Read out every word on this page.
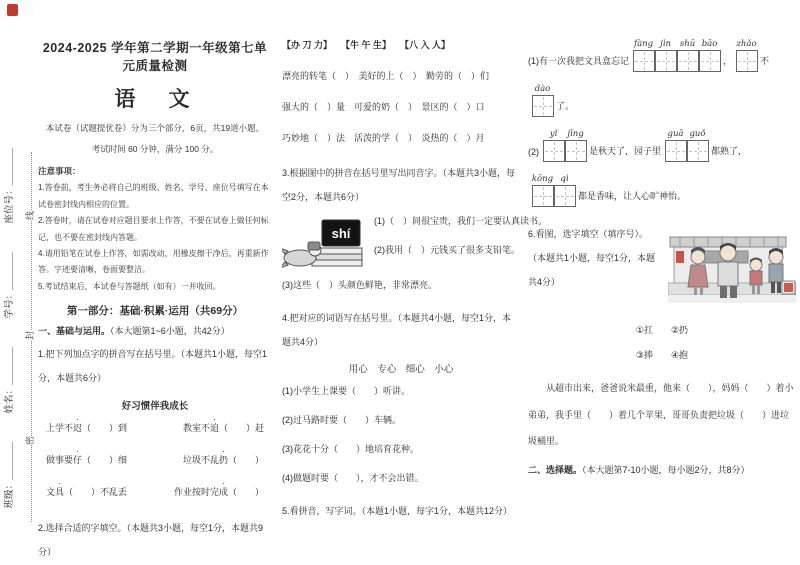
班级：＿＿＿＿　　　姓名：＿＿＿＿　　　学号：＿＿＿＿　　　座位号：＿＿＿＿	线
封
密
2024-2025 学年第二学期一年级第七单元质量检测
语　文
本试卷（试题提优卷）分为三个部分，6页，共19道小题。
考试时间 60 分钟，满分 100 分。
注意事项：
1.答卷前，考生务必将自己的班级、姓名、学号、座位号填写在本试卷密封线内相应的位置。
2.答卷时，请在试卷对应题目要求上作答，不要在试卷上做任何标记，也不要在密封线内答题。
4.请用铅笔在试卷上作答，如需改动，用橡皮擦干净后，再重新作答。字迹要清晰，卷面要整洁。
5.考试结束后，本试卷与答题纸（如有）一并收回。
第一部分：基础·积累·运用（共69分）
一、基础与运用。（本大题第1~6小题，共42分）
1.把下列加点字的拼音写在括号里。（本题共1小题，每空1分，本题共6分）
好习惯伴我成长
上学不迟（　　）到	教室不追（　　）赶
做事要仔（　　）细	垃圾不乱扔（　　）
文具（　　）不乱丢	作业按时完成（　　）
2.选择合适的字填空。（本题共3小题，每空1分，本题共9分）
【办 刀 力】　　【牛 午 生】　　【八 入 人】
漂亮的转笔（　）　美好的上（　）　勤劳的（　）们
强大的（　）量　可爱的奶（　）　景区的（　）口
巧妙地（　）法　活泼的学（　）　炎热的（　）月
3.根据图中的拼音在括号里写出同音字。（本题共3小题，每空2分，本题共6分）
shí
(1)（　）间很宝贵，我们一定要认真读书。
(2)我用（　）元钱买了很多支铅笔。
(3)这些（　）头颜色鲜艳，非常漂亮。
4.把对应的词语写在括号里。（本题共4小题，每空1分，本题共4分）
用心　专心　细心　小心
(1)小学生上课要（　　）听讲。
(2)过马路时要（　　）车辆。
(3)花花十分（　　）地培育花种。
(4)做题时要（　　），才不会出错。
5.看拼音，写字词。（本题1小题，每字1分，本题共12分）
(1)有一次我把文具盒忘记
fàng jìn shū bāo
，
zhǎo
不
dào
了。
(2)
yǐ jīng
是秋天了，园子里
guā guǒ
都熟了，
kōng qì
都是香味，让人心旷神怡。
6.看图，选字填空（填序号）。（本题共1小题，每空1分，本题共4分）
①扛　　②扔
③捧　　④抱
从超市出来，爸爸说米最重，他来（　　），妈妈（　　）着小弟弟，我手里（　　）着几个苹果，哥哥负责把垃圾（　　）进垃圾桶里。
二、选择题。（本大题第7-10小题，每小题2分，共8分）
